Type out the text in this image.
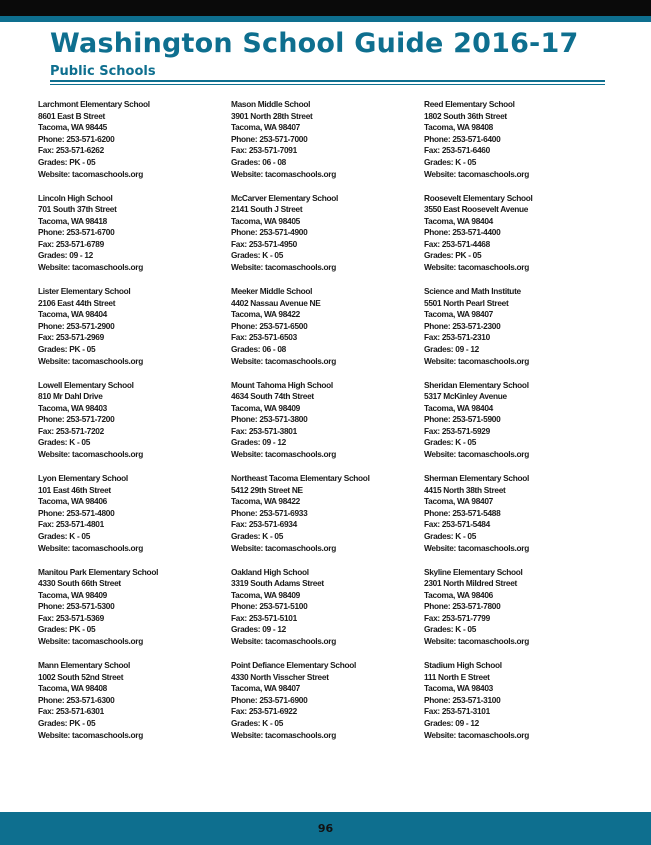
Washington School Guide 2016-17
Public Schools
Larchmont Elementary School
8601 East B Street
Tacoma, WA 98445
Phone: 253-571-6200
Fax: 253-571-6262
Grades: PK - 05
Website: tacomaschools.org
Lincoln High School
701 South 37th Street
Tacoma, WA 98418
Phone: 253-571-6700
Fax: 253-571-6789
Grades: 09 - 12
Website: tacomaschools.org
Lister Elementary School
2106 East 44th Street
Tacoma, WA 98404
Phone: 253-571-2900
Fax: 253-571-2969
Grades: PK - 05
Website: tacomaschools.org
Lowell Elementary School
810 Mr Dahl Drive
Tacoma, WA 98403
Phone: 253-571-7200
Fax: 253-571-7202
Grades: K - 05
Website: tacomaschools.org
Lyon Elementary School
101 East 46th Street
Tacoma, WA 98406
Phone: 253-571-4800
Fax: 253-571-4801
Grades: K - 05
Website: tacomaschools.org
Manitou Park Elementary School
4330 South 66th Street
Tacoma, WA 98409
Phone: 253-571-5300
Fax: 253-571-5369
Grades: PK - 05
Website: tacomaschools.org
Mann Elementary School
1002 South 52nd Street
Tacoma, WA 98408
Phone: 253-571-6300
Fax: 253-571-6301
Grades: PK - 05
Website: tacomaschools.org
Mason Middle School
3901 North 28th Street
Tacoma, WA 98407
Phone: 253-571-7000
Fax: 253-571-7091
Grades: 06 - 08
Website: tacomaschools.org
McCarver Elementary School
2141 South J Street
Tacoma, WA 98405
Phone: 253-571-4900
Fax: 253-571-4950
Grades: K - 05
Website: tacomaschools.org
Meeker Middle School
4402 Nassau Avenue NE
Tacoma, WA 98422
Phone: 253-571-6500
Fax: 253-571-6503
Grades: 06 - 08
Website: tacomaschools.org
Mount Tahoma High School
4634 South 74th Street
Tacoma, WA 98409
Phone: 253-571-3800
Fax: 253-571-3801
Grades: 09 - 12
Website: tacomaschools.org
Northeast Tacoma Elementary School
5412 29th Street NE
Tacoma, WA 98422
Phone: 253-571-6933
Fax: 253-571-6934
Grades: K - 05
Website: tacomaschools.org
Oakland High School
3319 South Adams Street
Tacoma, WA 98409
Phone: 253-571-5100
Fax: 253-571-5101
Grades: 09 - 12
Website: tacomaschools.org
Point Defiance Elementary School
4330 North Visscher Street
Tacoma, WA 98407
Phone: 253-571-6900
Fax: 253-571-6922
Grades: K - 05
Website: tacomaschools.org
Reed Elementary School
1802 South 36th Street
Tacoma, WA 98408
Phone: 253-571-6400
Fax: 253-571-6460
Grades: K - 05
Website: tacomaschools.org
Roosevelt Elementary School
3550 East Roosevelt Avenue
Tacoma, WA 98404
Phone: 253-571-4400
Fax: 253-571-4468
Grades: PK - 05
Website: tacomaschools.org
Science and Math Institute
5501 North Pearl Street
Tacoma, WA 98407
Phone: 253-571-2300
Fax: 253-571-2310
Grades: 09 - 12
Website: tacomaschools.org
Sheridan Elementary School
5317 McKinley Avenue
Tacoma, WA 98404
Phone: 253-571-5900
Fax: 253-571-5929
Grades: K - 05
Website: tacomaschools.org
Sherman Elementary School
4415 North 38th Street
Tacoma, WA 98407
Phone: 253-571-5488
Fax: 253-571-5484
Grades: K - 05
Website: tacomaschools.org
Skyline Elementary School
2301 North Mildred Street
Tacoma, WA 98406
Phone: 253-571-7800
Fax: 253-571-7799
Grades: K - 05
Website: tacomaschools.org
Stadium High School
111 North E Street
Tacoma, WA 98403
Phone: 253-571-3100
Fax: 253-571-3101
Grades: 09 - 12
Website: tacomaschools.org
96
